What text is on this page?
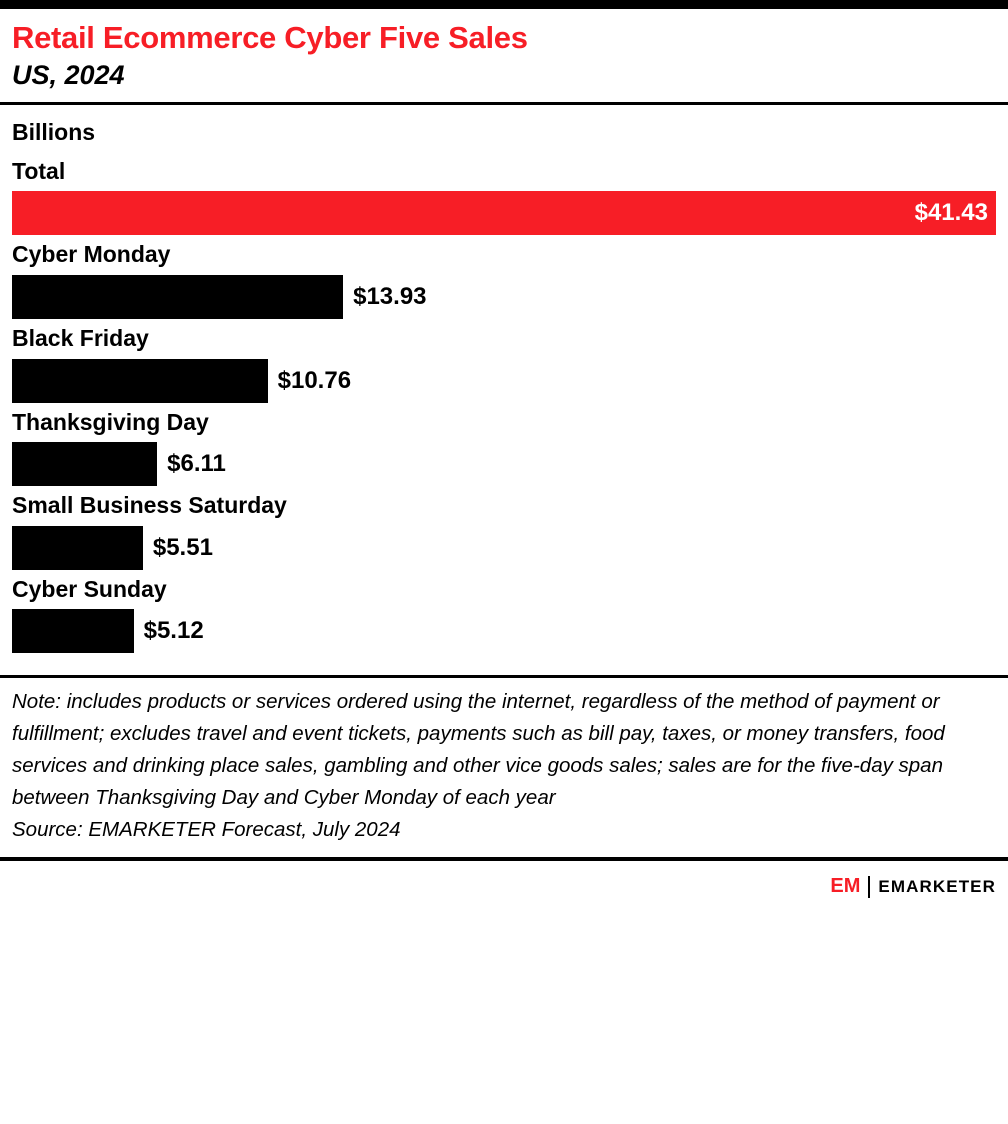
Retail Ecommerce Cyber Five Sales
US, 2024
Billions
Total
$41.43
Cyber Monday
$13.93
Black Friday
$10.76
Thanksgiving Day
$6.11
Small Business Saturday
$5.51
Cyber Sunday
$5.12
Note: includes products or services ordered using the internet, regardless of the method of payment or fulfillment; excludes travel and event tickets, payments such as bill pay, taxes, or money transfers, food services and drinking place sales, gambling and other vice goods sales; sales are for the five-day span between Thanksgiving Day and Cyber Monday of each year
Source: EMARKETER Forecast, July 2024
EM EMARKETER
